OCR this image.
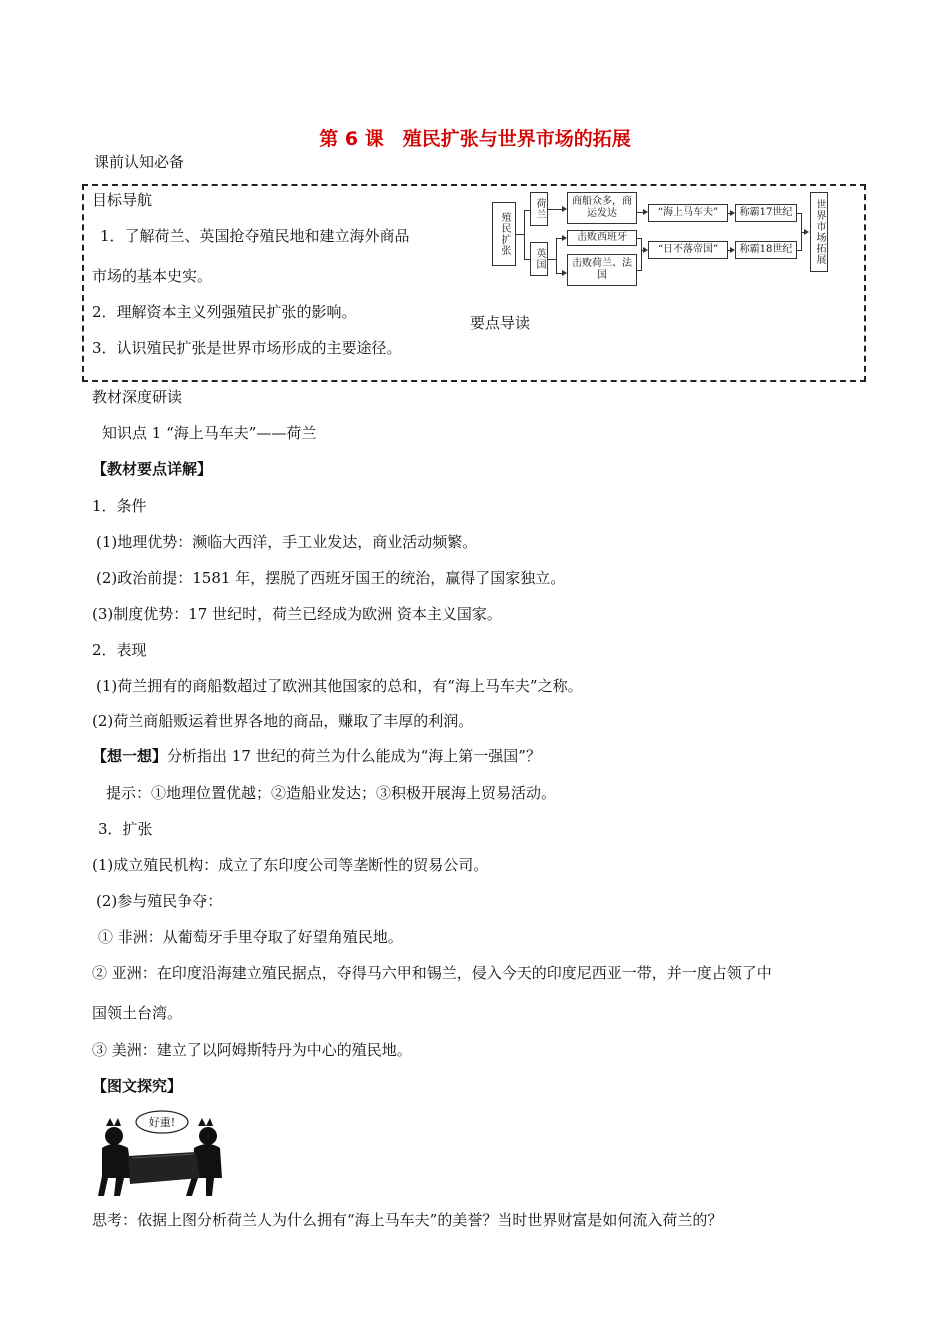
第 6 课　殖民扩张与世界市场的拓展
课前认知必备
目标导航
1．了解荷兰、英国抢夺殖民地和建立海外商品
市场的基本史实。
2．理解资本主义列强殖民扩张的影响。
3．认识殖民扩张是世界市场形成的主要途径。
要点导读
殖民扩张
荷兰
英国
商船众多，商运发达
击败西班牙
击败荷兰、法国
“海上马车夫”
“日不落帝国”
称霸17世纪
称霸18世纪	世界市场拓展
教材深度研读
知识点 1 “海上马车夫”——荷兰
【教材要点详解】
1．条件
(1)地理优势：濒临大西洋，手工业发达，商业活动频繁。
(2)政治前提：1581 年，摆脱了西班牙国王的统治，赢得了国家独立。
(3)制度优势：17 世纪时，荷兰已经成为欧洲 资本主义国家。
2．表现
(1)荷兰拥有的商船数超过了欧洲其他国家的总和，有“海上马车夫”之称。
(2)荷兰商船贩运着世界各地的商品，赚取了丰厚的利润。
【想一想】分析指出 17 世纪的荷兰为什么能成为“海上第一强国”？
提示：①地理位置优越；②造船业发达；③积极开展海上贸易活动。
3．扩张
(1)成立殖民机构：成立了东印度公司等垄断性的贸易公司。
(2)参与殖民争夺：
① 非洲：从葡萄牙手里夺取了好望角殖民地。
② 亚洲：在印度沿海建立殖民据点，夺得马六甲和锡兰，侵入今天的印度尼西亚一带，并一度占领了中
国领土台湾。
③ 美洲：建立了以阿姆斯特丹为中心的殖民地。
【图文探究】
好重!
思考：依据上图分析荷兰人为什么拥有“海上马车夫”的美誉？当时世界财富是如何流入荷兰的？
